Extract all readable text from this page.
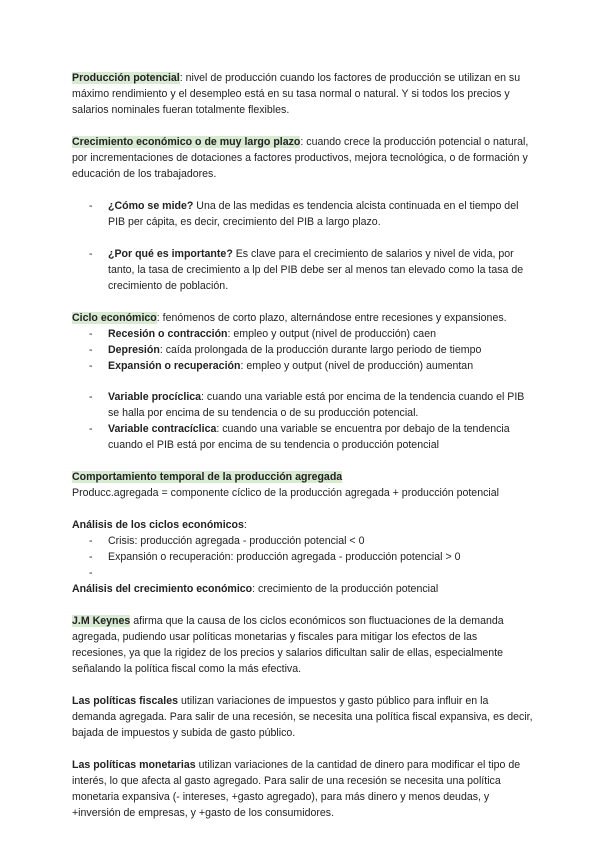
Producción potencial: nivel de producción cuando los factores de producción se utilizan en su máximo rendimiento y el desempleo está en su tasa normal o natural. Y si todos los precios y salarios nominales fueran totalmente flexibles.

Crecimiento económico o de muy largo plazo: cuando crece la producción potencial o natural, por incrementaciones de dotaciones a factores productivos, mejora tecnológica, o de formación y educación de los trabajadores.

- ¿Cómo se mide? Una de las medidas es tendencia alcista continuada en el tiempo del PIB per cápita, es decir, crecimiento del PIB a largo plazo.
- ¿Por qué es importante? Es clave para el crecimiento de salarios y nivel de vida, por tanto, la tasa de crecimiento a lp del PIB debe ser al menos tan elevado como la tasa de crecimiento de población.

Ciclo económico: fenómenos de corto plazo, alternándose entre recesiones y expansiones.

- Recesión o contracción: empleo y output (nivel de producción) caen
- Depresión: caída prolongada de la producción durante largo periodo de tiempo
- Expansión o recuperación: empleo y output (nivel de producción) aumentan
- Variable procíclica: cuando una variable está por encima de la tendencia cuando el PIB se halla por encima de su tendencia o de su producción potencial.
- Variable contracíclica: cuando una variable se encuentra por debajo de la tendencia cuando el PIB está por encima de su tendencia o producción potencial

Comportamiento temporal de la producción agregada

Producc.agregada = componente cíclico de la producción agregada + producción potencial

Análisis de los ciclos económicos:

- Crisis: producción agregada - producción potencial < 0
- Expansión o recuperación: producción agregada - producción potencial > 0
-

Análisis del crecimiento económico: crecimiento de la producción potencial

J.M Keynes afirma que la causa de los ciclos económicos son fluctuaciones de la demanda agregada, pudiendo usar políticas monetarias y fiscales para mitigar los efectos de las recesiones, ya que la rigidez de los precios y salarios dificultan salir de ellas, especialmente señalando la política fiscal como la más efectiva.

Las políticas fiscales utilizan variaciones de impuestos y gasto público para influir en la demanda agregada. Para salir de una recesión, se necesita una política fiscal expansiva, es decir, bajada de impuestos y subida de gasto público.

Las políticas monetarias utilizan variaciones de la cantidad de dinero para modificar el tipo de interés, lo que afecta al gasto agregado. Para salir de una recesión se necesita una política monetaria expansiva (- intereses, +gasto agregado), para más dinero y menos deudas, y +inversión de empresas, y +gasto de los consumidores.
